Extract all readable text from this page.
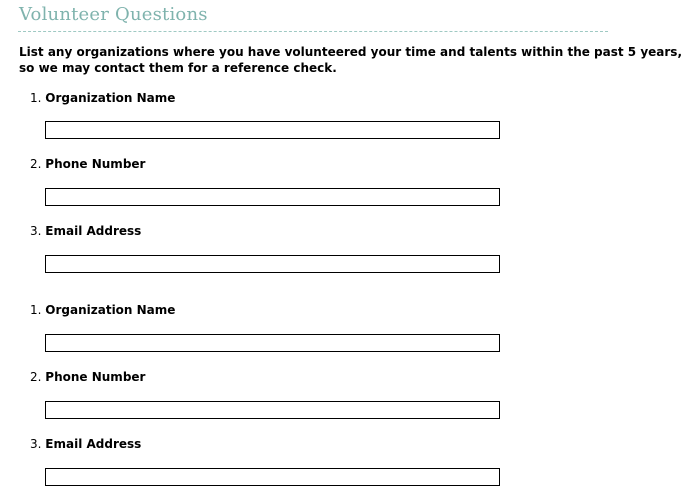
Volunteer Questions
List any organizations where you have volunteered your time and talents within the past 5 years,
so we may contact them for a reference check.
1. Organization Name
2. Phone Number
3. Email Address
1. Organization Name
2. Phone Number
3. Email Address
